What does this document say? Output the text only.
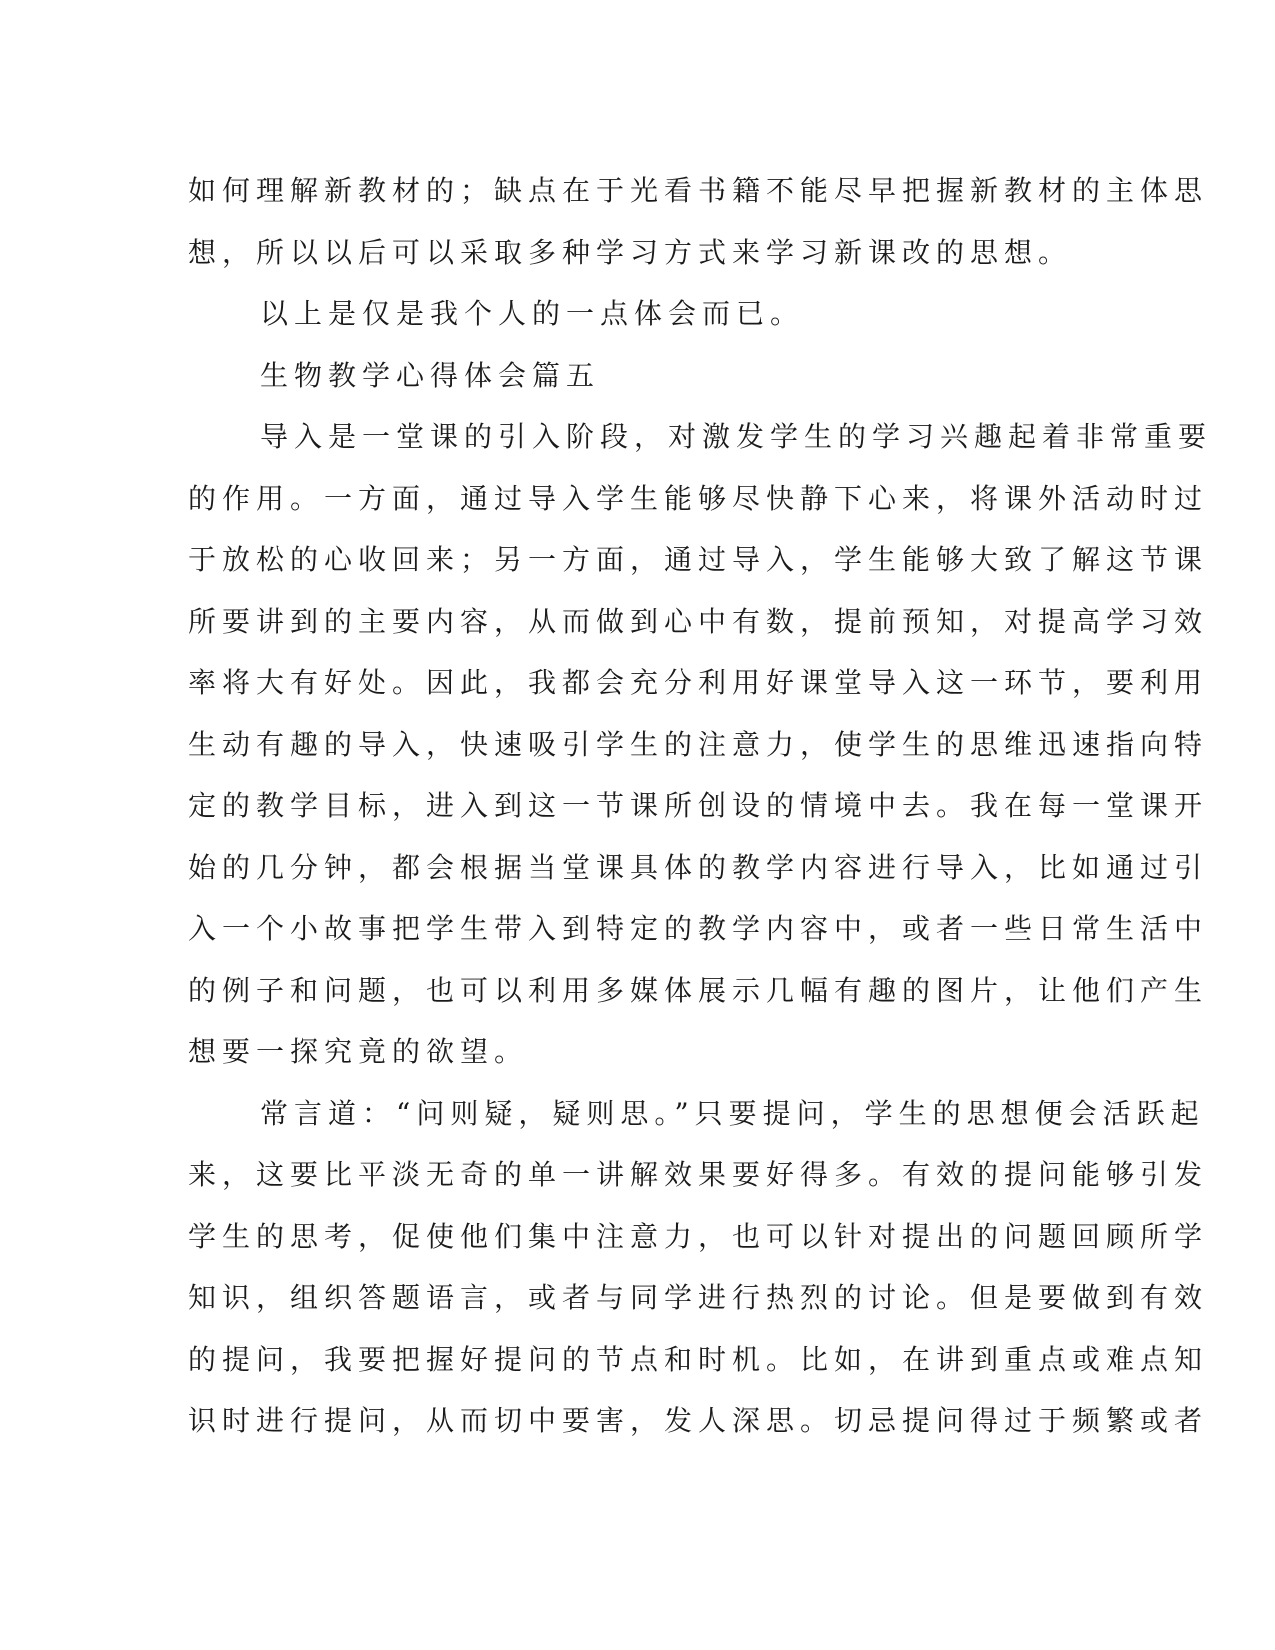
如何理解新教材的；缺点在于光看书籍不能尽早把握新教材的主体思
想，所以以后可以采取多种学习方式来学习新课改的思想。
以上是仅是我个人的一点体会而已。
生物教学心得体会篇五
导入是一堂课的引入阶段，对激发学生的学习兴趣起着非常重要
的作用。一方面，通过导入学生能够尽快静下心来，将课外活动时过
于放松的心收回来；另一方面，通过导入，学生能够大致了解这节课
所要讲到的主要内容，从而做到心中有数，提前预知，对提高学习效
率将大有好处。因此，我都会充分利用好课堂导入这一环节，要利用
生动有趣的导入，快速吸引学生的注意力，使学生的思维迅速指向特
定的教学目标，进入到这一节课所创设的情境中去。我在每一堂课开
始的几分钟，都会根据当堂课具体的教学内容进行导入，比如通过引
入一个小故事把学生带入到特定的教学内容中，或者一些日常生活中
的例子和问题，也可以利用多媒体展示几幅有趣的图片，让他们产生
想要一探究竟的欲望。
常言道：“问则疑，疑则思。”只要提问，学生的思想便会活跃起
来，这要比平淡无奇的单一讲解效果要好得多。有效的提问能够引发
学生的思考，促使他们集中注意力，也可以针对提出的问题回顾所学
知识，组织答题语言，或者与同学进行热烈的讨论。但是要做到有效
的提问，我要把握好提问的节点和时机。比如，在讲到重点或难点知
识时进行提问，从而切中要害，发人深思。切忌提问得过于频繁或者
